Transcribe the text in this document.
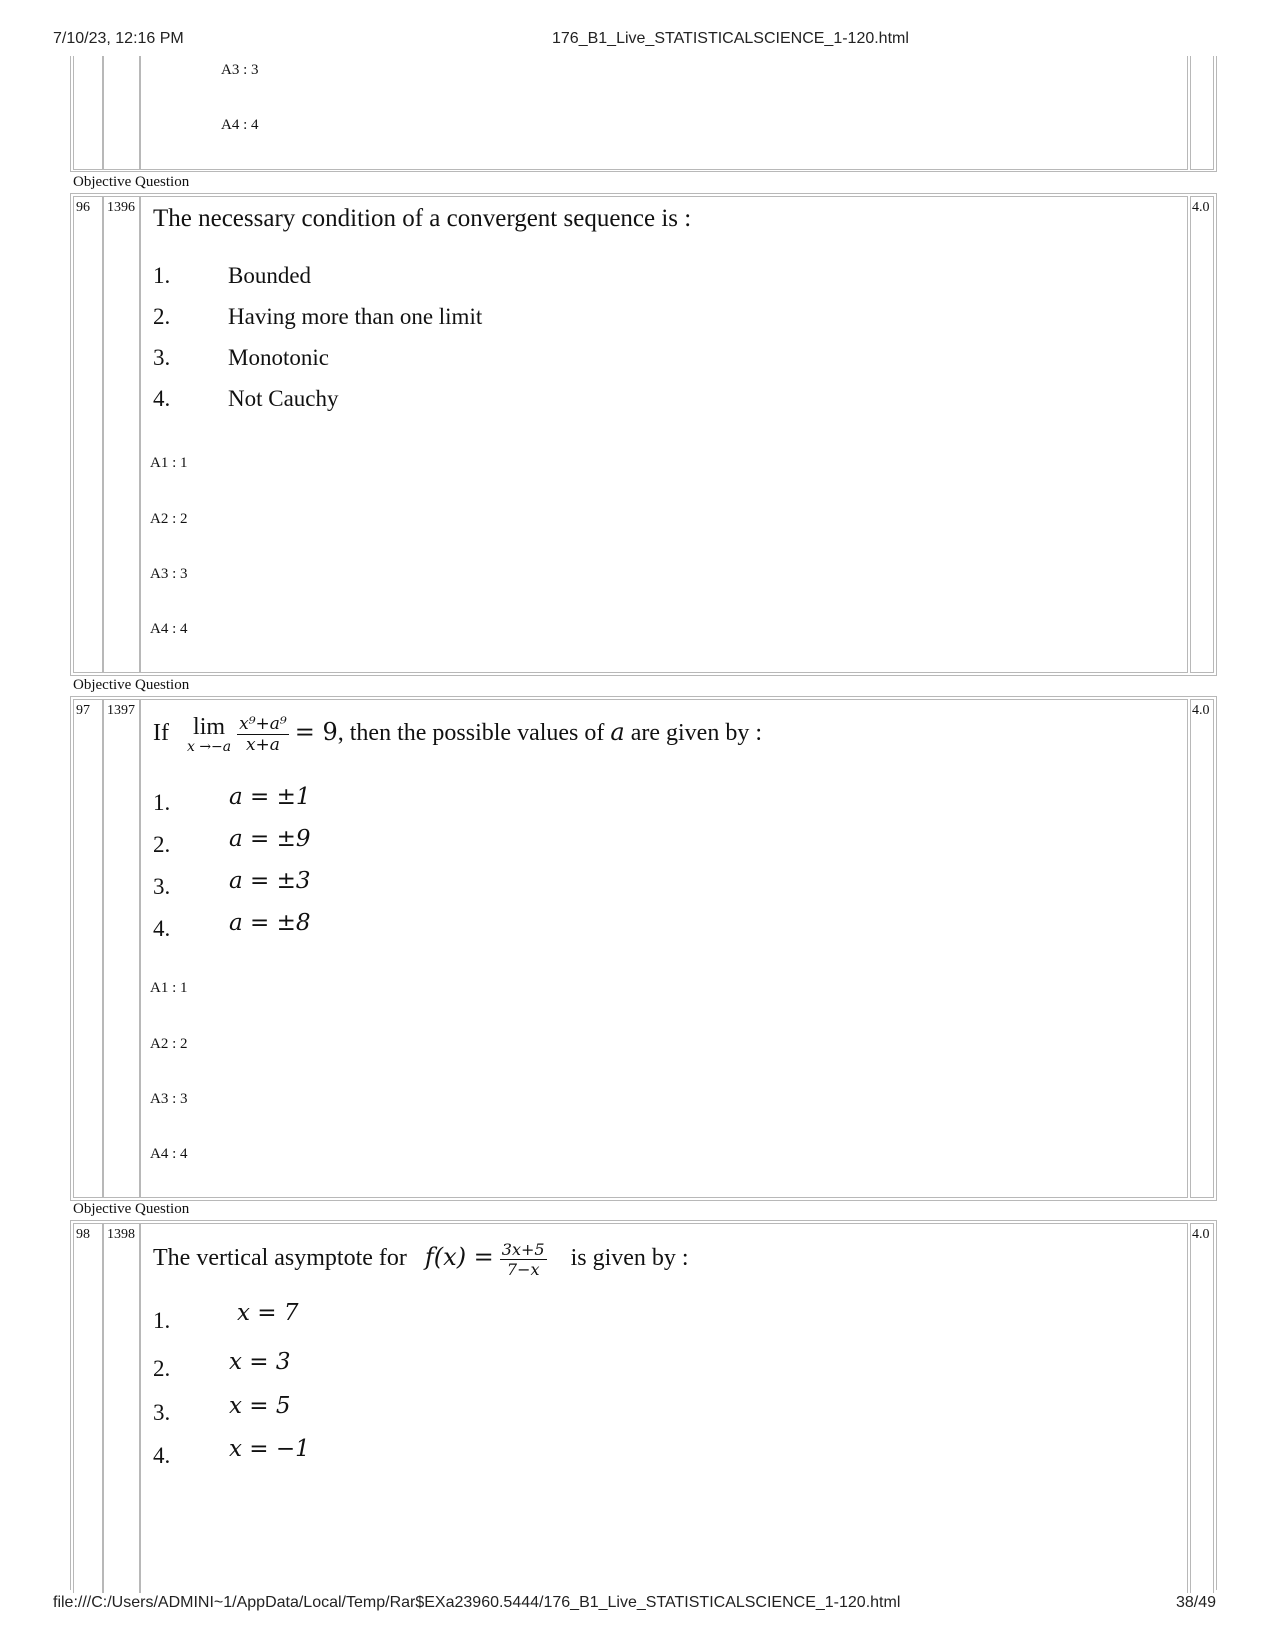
7/10/23, 12:16 PM	176_B1_Live_STATISTICALSCIENCE_1-120.html
A3 : 3
A4 : 4
Objective Question
96 1396 The necessary condition of a convergent sequence is :
1.	Bounded
2.	Having more than one limit
3.	Monotonic
4.	Not Cauchy
A1 : 1
A2 : 2
A3 : 3
A4 : 4
4.0
Objective Question
97 1397
If lim
x →−a
$\frac{\text{x⁹+a⁹}}{x+a} = 9$, then the possible values of a are given by :
1.	a = ±1
2.	a = ±9
3.	a = ±3
4.	a = ±8
A1 : 1
A2 : 2
A3 : 3
A4 : 4
4.0
Objective Question
98 1398
The vertical asymptote for $f(x) = \frac{3x+5}{7-x}$ is given by :
1.	x = 7
2.	x = 3
3.	x = 5
4.	x = −1
4.0
file:///C:/Users/ADMINI~1/AppData/Local/Temp/Rar$EXa23960.5444/176_B1_Live_STATISTICALSCIENCE_1-120.html	38/49
